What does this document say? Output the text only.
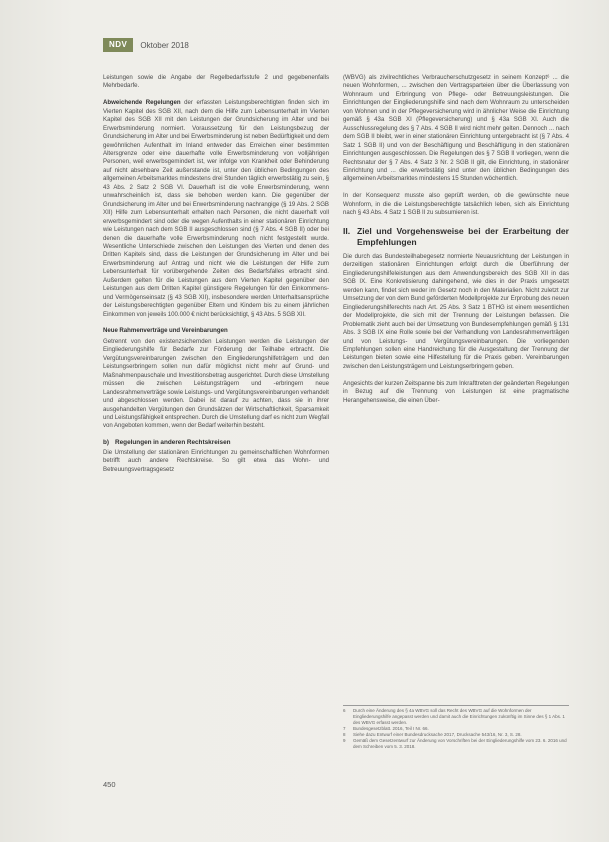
NDV	Oktober 2018

Leistungen sowie die Angabe der Regelbedarfsstufe 2 und gegebenenfalls Mehrbedarfe.

Abweichende Regelungen der erfassten Leistungsberechtigten finden sich im Vierten Kapitel des SGB XII, nach dem die Hilfe zum Lebensunterhalt im Vierten Kapitel des SGB XII mit den Leistungen der Grundsicherung im Alter und bei Erwerbsminderung normiert. Voraussetzung für den Leistungsbezug der Grundsicherung im Alter und bei Erwerbsminderung ist neben Bedürftigkeit und dem gewöhnlichen Aufenthalt im Inland entweder das Erreichen einer bestimmten Altersgrenze oder eine dauerhafte volle Erwerbsminderung von volljährigen Personen, weil erwerbsgemindert ist, wer infolge von Krankheit oder Behinderung auf nicht absehbare Zeit außerstande ist, unter den üblichen Bedingungen des allgemeinen Arbeitsmarktes mindestens drei Stunden täglich erwerbstätig zu sein, § 43 Abs. 2 Satz 2 SGB VI. Dauerhaft ist die volle Erwerbsminderung, wenn unwahrscheinlich ist, dass sie behoben werden kann. Die gegenüber der Grundsicherung im Alter und bei Erwerbsminderung nachrangige (§ 19 Abs. 2 SGB XII) Hilfe zum Lebensunterhalt erhalten nach Personen, die nicht dauerhaft voll erwerbsgemindert sind oder die wegen Aufenthalts in einer stationären Einrichtung wie Leistungen nach dem SGB II ausgeschlossen sind (§ 7 Abs. 4 SGB II) oder bei denen die dauerhafte volle Erwerbsminderung noch nicht festgestellt wurde. Wesentliche Unterschiede zwischen den Leistungen des Vierten und denen des Dritten Kapitels sind, dass die Leistungen der Grundsicherung im Alter und bei Erwerbsminderung auf Antrag und nicht wie die Leistungen der Hilfe zum Lebensunterhalt für vorübergehende Zeiten des Bedarfsfalles erbracht sind. Außerdem gelten für die Leistungen aus dem Vierten Kapitel gegenüber den Leistungen aus dem Dritten Kapitel günstigere Regelungen für den Einkommens- und Vermögenseinsatz (§ 43 SGB XII), insbesondere werden Unterhaltsansprüche der Leistungsberechtigten gegenüber Eltern und Kindern bis zu einem jährlichen Einkommen von jeweils 100.000 € nicht berücksichtigt, § 43 Abs. 5 SGB XII.

Neue Rahmenverträge und Vereinbarungen

Getrennt von den existenzsichernden Leistungen werden die Leistungen der Eingliederungshilfe für Bedarfe zur Förderung der Teilhabe erbracht. Die Vergütungsvereinbarungen zwischen den Eingliederungshilfeträgern und den Leistungserbringern sollen nun dafür möglichst nicht mehr auf Grund- und Maßnahmenpauschale und Investitionsbetrag ausgerichtet. Durch diese Umstellung müssen die zwischen Leistungsträgern und -erbringern neue Landesrahmenverträge sowie Leistungs- und Vergütungsvereinbarungen verhandelt und abgeschlossen werden. Dabei ist darauf zu achten, dass sie in ihrer ausgehandelten Vergütungen den Grundsätzen der Wirtschaftlichkeit, Sparsamkeit und Leistungsfähigkeit entsprechen. Durch die Umstellung darf es nicht zum Wegfall von Angeboten kommen, wenn der Bedarf weiterhin besteht.

b) Regelungen in anderen Rechtskreisen

Die Umstellung der stationären Einrichtungen zu gemeinschaftlichen Wohnformen betrifft auch andere Rechtskreise. So gilt etwa das Wohn- und Betreuungsvertragsgesetz

(WBVG) als zivilrechtliches Verbraucherschutzgesetz in seinem Konzept⁶ ... die neuen Wohnformen, ... zwischen den Vertragsparteien über die Überlassung von Wohnraum und Erbringung von Pflege- oder Betreuungsleistungen. Die Einrichtungen der Eingliederungshilfe sind nach dem Wohnraum zu unterscheiden von Wohnen und in der Pflegeversicherung wird in ähnlicher Weise die Einrichtung gemäß § 43a SGB XI (Pflegeversicherung) und § 43a SGB XI. Auch die Ausschlussregelung des § 7 Abs. 4 SGB II wird nicht mehr gelten. Dennoch ... nach dem SGB II bleibt, wer in einer stationären Einrichtung untergebracht ist (§ 7 Abs. 4 Satz 1 SGB II) und von der Beschäftigung und Beschäftigung in den stationären Einrichtungen ausgeschlossen. Die Regelungen des § 7 SGB II vorliegen, wenn die Rechtsnatur der § 7 Abs. 4 Satz 3 Nr. 2 SGB II gilt, die Einrichtung, in stationärer Einrichtung und ... die erwerbstätig sind unter den üblichen Bedingungen des allgemeinen Arbeitsmarktes mindestens 15 Stunden wöchentlich.

In der Konsequenz musste also geprüft werden, ob die gewünschte neue Wohnform, in die die Leistungsberechtigte tatsächlich leben, sich als Einrichtung nach § 43 Abs. 4 Satz 1 SGB II zu subsumieren ist.

II. Ziel und Vorgehensweise bei der Erarbeitung der Empfehlungen

Die durch das Bundesteilhabegesetz normierte Neuausrichtung der Leistungen in derzeitigen stationären Einrichtungen erfolgt durch die Überführung der Eingliederungshilfeleistungen aus dem Anwendungsbereich des SGB XII in das SGB IX. Eine Konkretisierung dahingehend, wie dies in der Praxis umgesetzt werden kann, findet sich weder im Gesetz noch in den Materialien. Nicht zuletzt zur Umsetzung der von dem Bund geförderten Modellprojekte zur Erprobung des neuen Eingliederungshilferechts nach Art. 25 Abs. 3 Satz 1 BTHG ist einem wesentlichen der Modellprojekte, die sich mit der Trennung der Leistungen befassen. Die Problematik zieht auch bei der Umsetzung von Bundesempfehlungen gemäß § 131 Abs. 3 SGB IX eine Rolle sowie bei der Verhandlung von Landesrahmenverträgen und von Leistungs- und Vergütungsvereinbarungen. Die vorliegenden Empfehlungen sollen eine Handreichung für die Ausgestaltung der Trennung der Leistungen bieten sowie eine Hilfestellung für die Praxis geben. Vereinbarungen zwischen den Leistungsträgern und Leistungserbringern geben.

Angesichts der kurzen Zeitspanne bis zum Inkrafttreten der geänderten Regelungen in Bezug auf die Trennung von Leistungen ist eine pragmatische Herangehensweise, die einen Über-

6	Durch eine Änderung des § 4a WBVG soll das Recht des WBVG auf die Wohnformen der Eingliederungshilfe angepasst werden und damit auch die Einrichtungen zukünftig im Sinne des § 1 Abs. 1 des WBVG erfasst werden.
7	Bundesgesetzblatt. 2016, Teil I Nr. 66.
8	Siehe dazu Entwurf einer Bundesdrucksache 2017, Drucksache 543/16, Nr. 3, S. 28.
9	Gemäß dem Gesetzentwurf zur Änderung von Vorschriften bei der Eingliederungshilfe vom 23. 6. 2016 und dem Schreiben vom 5. 3. 2018.
450
